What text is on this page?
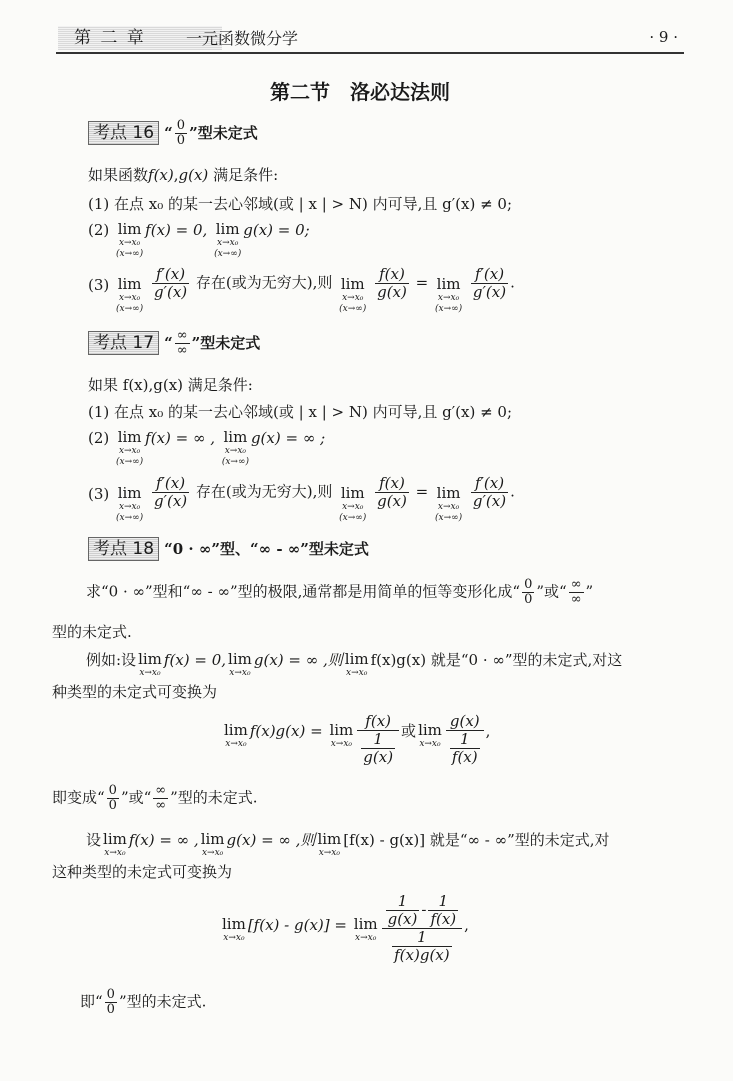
第 二 章	一元函数微分学	· 9 ·
第二节　洛必达法则
考点 16 “ $\frac{0}{0}$ ”型未定式
如果函数f(x),g(x) 满足条件:
(1) 在点 x₀ 的某一去心邻域(或 | x | > N) 内可导,且 g′(x) ≠ 0;
(2) lim
x→x₀
(x→∞)
f(x) = 0, lim
x→x₀
(x→∞)
g(x) = 0;
(3) lim
x→x₀
(x→∞)

$\frac{f'(x)}{g'(x)}$ 存在(或为无穷大),则 lim
x→x₀
(x→∞)

$\frac{f(x)}{g(x)} = \lim$
x→x₀
(x→∞)

$\frac{f'(x)}{g'(x)}$ .
考点 17 “ ∞
∞ ”型未定式
如果 f(x),g(x) 满足条件:
(1) 在点 x₀ 的某一去心邻域(或 | x | > N) 内可导,且 g′(x) ≠ 0;
(2) lim
x→x₀
(x→∞)
f(x) = ∞ , lim
x→x₀
(x→∞)
g(x) = ∞ ;
(3) lim
x→x₀
(x→∞)

$\frac{f'(x)}{g'(x)}$ 存在(或为无穷大),则 lim
x→x₀
(x→∞)

$\frac{f(x)}{g(x)} = \lim$
x→x₀
(x→∞)

$\frac{f'(x)}{g'(x)}$ .
考点 18 “0 · ∞”型、“∞ - ∞”型未定式
求“0 · ∞”型和“∞ - ∞”型的极限,通常都是用简单的恒等变形化成“ $\frac{0}{0}$ ”或“ ∞
∞ ”
型的未定式.
例如:设 lim
x→x₀
f(x) = 0, lim
x→x₀
g(x) = ∞ ,则 lim
x→x₀
f(x)g(x) 就是“0 · ∞”型的未定式,对这
种类型的未定式可变换为
lim
x→x₀
f(x)g(x) = lim
$x\to x_0 \frac{f(x)}{\frac{1}{g(x)}}$ 或 lim
$x\to x_0 \frac{g(x)}{\frac{1}{f(x)}}$ ,
即变成“ $\frac{0}{0}$ ”或“ ∞
∞ ”型的未定式.
设 lim
x→x₀
f(x) = ∞ , lim
x→x₀
g(x) = ∞ ,则 lim
x→x₀
[f(x) - g(x)] 就是“∞ - ∞”型的未定式,对
这种类型的未定式可变换为
lim
x→x₀
[f(x) - g(x)] = lim
$x\to x_0 \frac{\frac{1}{g(x)} - \frac{1}{f(x)}}{\frac{1}{f(x)g(x)}}$ ,
即“ $\frac{0}{0}$ ”型的未定式.
